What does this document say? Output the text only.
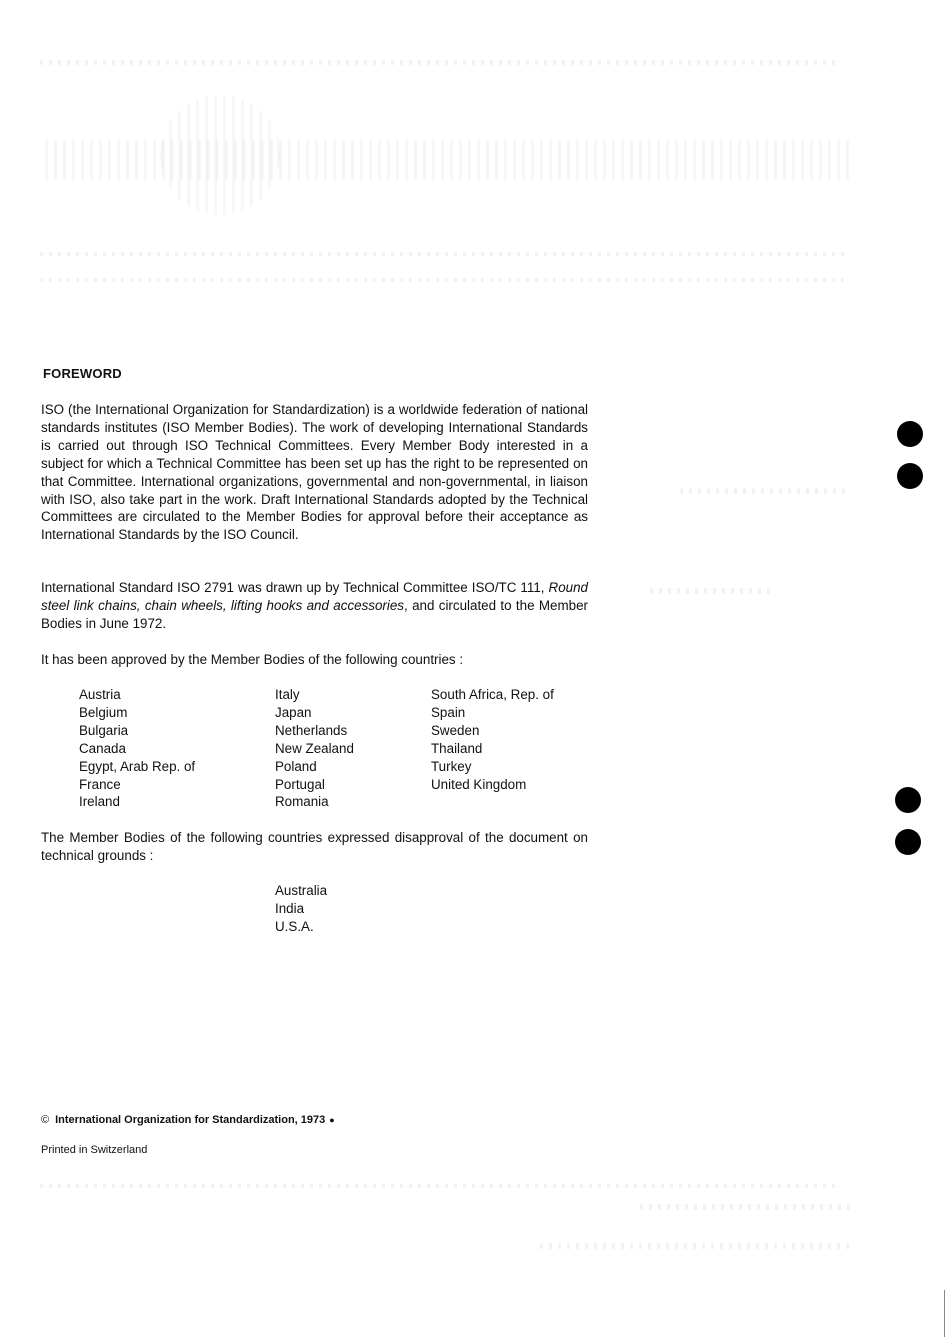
FOREWORD

ISO (the International Organization for Standardization) is a worldwide federation of national standards institutes (ISO Member Bodies). The work of developing International Standards is carried out through ISO Technical Committees. Every Member Body interested in a subject for which a Technical Committee has been set up has the right to be represented on that Committee. International organizations, governmental and non-governmental, in liaison with ISO, also take part in the work. Draft International Standards adopted by the Technical Committees are circulated to the Member Bodies for approval before their acceptance as International Standards by the ISO Council.

International Standard ISO 2791 was drawn up by Technical Committee ISO/TC 111, Round steel link chains, chain wheels, lifting hooks and accessories, and circulated to the Member Bodies in June 1972.

It has been approved by the Member Bodies of the following countries :

Austria
Belgium
Bulgaria
Canada
Egypt, Arab Rep. of
France
Ireland
Italy
Japan
Netherlands
New Zealand
Poland
Portugal
Romania
South Africa, Rep. of
Spain
Sweden
Thailand
Turkey
United Kingdom

The Member Bodies of the following countries expressed disapproval of the document on technical grounds :

Australia
India
U.S.A.
© International Organization for Standardization, 1973 ●
Printed in Switzerland
